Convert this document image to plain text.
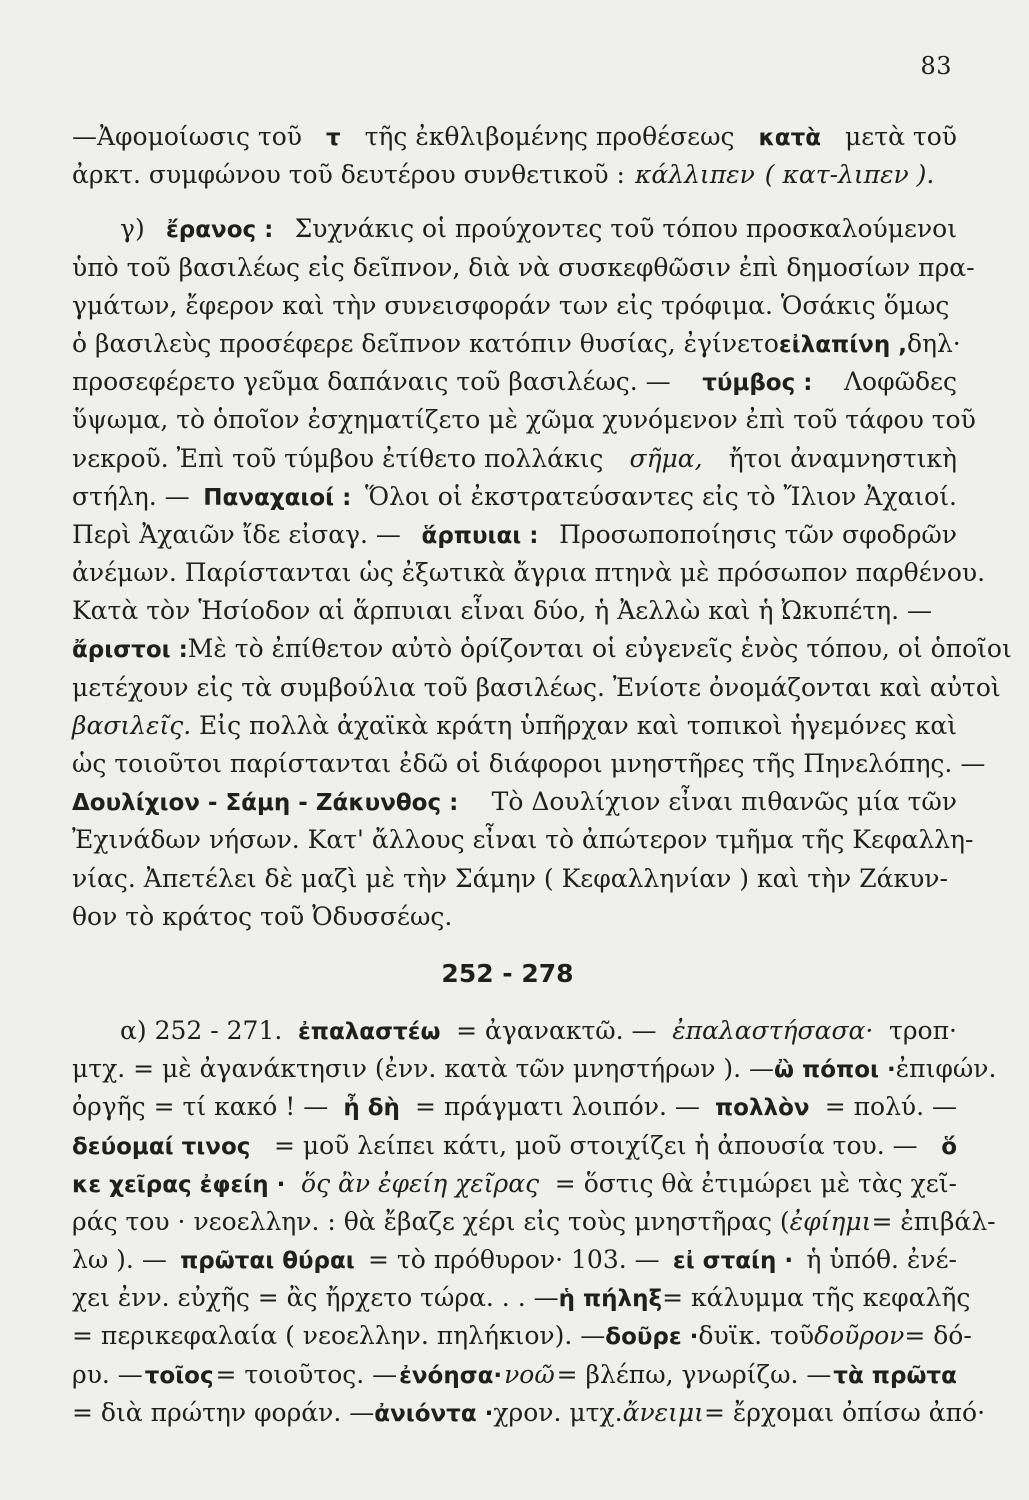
83
—Ἀφομοίωσις τοῦ τ τῆς ἐκθλιβομένης προθέσεως κατὰ μετὰ τοῦ
ἀρκτ. συμφώνου τοῦ δευτέρου συνθετικοῦ : κάλλιπεν ( κατ-λιπεν ).
γ) ἔρανος : Συχνάκις οἱ προύχοντες τοῦ τόπου προσκαλούμενοι
ὑπὸ τοῦ βασιλέως εἰς δεῖπνον, διὰ νὰ συσκεφθῶσιν ἐπὶ δημοσίων πρα-
γμάτων, ἔφερον καὶ τὴν συνεισφοράν των εἰς τρόφιμα. Ὁσάκις ὅμως
ὁ βασιλεὺς προσέφερε δεῖπνον κατόπιν θυσίας, ἐγίνετο εἰλαπίνη , δηλ·
προσεφέρετο γεῦμα δαπάναις τοῦ βασιλέως. — τύμβος : Λοφῶδες
ὕψωμα, τὸ ὁποῖον ἐσχηματίζετο μὲ χῶμα χυνόμενον ἐπὶ τοῦ τάφου τοῦ
νεκροῦ. Ἐπὶ τοῦ τύμβου ἐτίθετο πολλάκις σῆμα, ἤτοι ἀναμνηστικὴ
στήλη. — Παναχαιοί : Ὅλοι οἱ ἐκστρατεύσαντες εἰς τὸ Ἴλιον Ἀχαιοί.
Περὶ Ἀχαιῶν ἴδε εἰσαγ. — ἅρπυιαι : Προσωποποίησις τῶν σφοδρῶν
ἀνέμων. Παρίστανται ὡς ἐξωτικὰ ἄγρια πτηνὰ μὲ πρόσωπον παρθένου.
Κατὰ τὸν Ἡσίοδον αἱ ἅρπυιαι εἶναι δύο, ἡ Ἀελλὼ καὶ ἡ Ὠκυπέτη. —
ἄριστοι : Μὲ τὸ ἐπίθετον αὐτὸ ὁρίζονται οἱ εὐγενεῖς ἑνὸς τόπου, οἱ ὁποῖοι
μετέχουν εἰς τὰ συμβούλια τοῦ βασιλέως. Ἐνίοτε ὀνομάζονται καὶ αὐτοὶ
βασιλεῖς. Εἰς πολλὰ ἀχαϊκὰ κράτη ὑπῆρχαν καὶ τοπικοὶ ἡγεμόνες καὶ
ὡς τοιοῦτοι παρίστανται ἐδῶ οἱ διάφοροι μνηστῆρες τῆς Πηνελόπης. —
Δουλίχιον - Σάμη - Ζάκυνθος : Τὸ Δουλίχιον εἶναι πιθανῶς μία τῶν
Ἐχινάδων νήσων. Κατ' ἄλλους εἶναι τὸ ἀπώτερον τμῆμα τῆς Κεφαλλη-
νίας. Ἀπετέλει δὲ μαζὶ μὲ τὴν Σάμην ( Κεφαλληνίαν ) καὶ τὴν Ζάκυν-
θον τὸ κράτος τοῦ Ὀδυσσέως.
252 - 278
α) 252 - 271. ἐπαλαστέω = ἀγανακτῶ. — ἐπαλαστήσασα· τροπ·
μτχ. = μὲ ἀγανάκτησιν (ἐνν. κατὰ τῶν μνηστήρων ). — ὢ πόποι · ἐπιφών.
ὀργῆς = τί κακό ! — ἦ δὴ = πράγματι λοιπόν. — πολλὸν = πολύ. —
δεύομαί τινος = μοῦ λείπει κάτι, μοῦ στοιχίζει ἡ ἀπουσία του. — ὅ
κε χεῖρας ἐφείη · ὅς ἂν ἐφείη χεῖρας = ὅστις θὰ ἐτιμώρει μὲ τὰς χεῖ-
ράς του · νεοελλην. : θὰ ἔβαζε χέρι εἰς τοὺς μνηστῆρας ( ἐφίημι = ἐπιβάλ-
λω ). — πρῶται θύραι = τὸ πρόθυρον· 103. — εἰ σταίη · ἡ ὑπόθ. ἐνέ-
χει ἐνν. εὐχῆς = ἂς ἤρχετο τώρα. . . — ἡ πήληξ = κάλυμμα τῆς κεφαλῆς
= περικεφαλαία ( νεοελλην. πηλήκιον). — δοῦρε · δυϊκ. τοῦ δοῦρον = δό-
ρυ. — τοῖος = τοιοῦτος. — ἐνόησα· νοῶ = βλέπω, γνωρίζω. — τὰ πρῶτα
= διὰ πρώτην φοράν. — ἀνιόντα · χρον. μτχ. ἄνειμι = ἔρχομαι ὀπίσω ἀπό·
